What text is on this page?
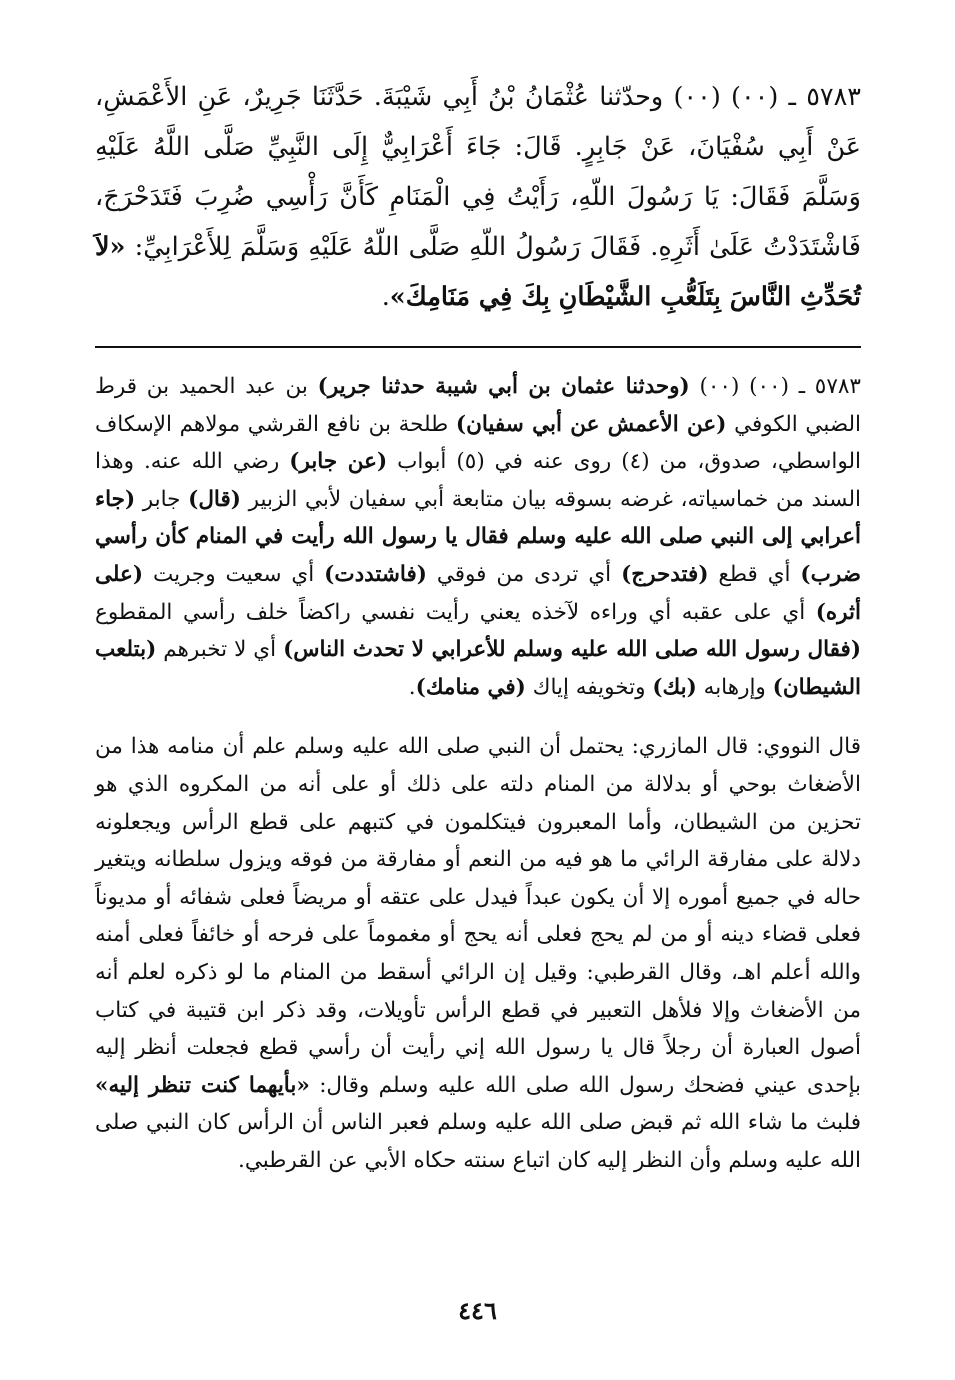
٥٧٨٣ ـ (٠٠) (٠٠) وحدّثنا عُثْمَانُ بْنُ أَبِي شَيْبَةَ. حَدَّثَنَا جَرِيرٌ، عَنِ الأَعْمَشِ، عَنْ أَبِي سُفْيَانَ، عَنْ جَابِرٍ. قَالَ: جَاءَ أَعْرَابِيٌّ إِلَى النَّبِيِّ صَلَّى اللَّهُ عَلَيْهِ وَسَلَّمَ فَقَالَ: يَا رَسُولَ اللّهِ، رَأَيْتُ فِي الْمَنَامِ كَأَنَّ رَأْسِي ضُرِبَ فَتَدَحْرَجَ، فَاشْتَدَدْتُ عَلَىٰ أَثَرِهِ. فَقَالَ رَسُولُ اللّهِ صَلَّى اللّهُ عَلَيْهِ وَسَلَّمَ لِلأَعْرَابِيِّ: «لاَ تُحَدِّثِ النَّاسَ بِتَلَعُّبِ الشَّيْطَانِ بِكَ فِي مَنَامِكَ».

٥٧٨٣ ـ (٠٠) (٠٠) (وحدثنا عثمان بن أبي شيبة حدثنا جرير) بن عبد الحميد بن قرط الضبي الكوفي (عن الأعمش عن أبي سفيان) طلحة بن نافع القرشي مولاهم الإسكاف الواسطي، صدوق، من (٤) روى عنه في (٥) أبواب (عن جابر) رضي الله عنه. وهذا السند من خماسياته، غرضه بسوقه بيان متابعة أبي سفيان لأبي الزبير (قال) جابر (جاء أعرابي إلى النبي صلى الله عليه وسلم فقال يا رسول الله رأيت في المنام كأن رأسي ضرب) أي قطع (فتدحرج) أي تردى من فوقي (فاشتددت) أي سعيت وجريت (على أثره) أي على عقبه أي وراءه لآخذه يعني رأيت نفسي راكضاً خلف رأسي المقطوع (فقال رسول الله صلى الله عليه وسلم للأعرابي لا تحدث الناس) أي لا تخبرهم (بتلعب الشيطان) وإرهابه (بك) وتخويفه إياك (في منامك).

قال النووي: قال المازري: يحتمل أن النبي صلى الله عليه وسلم علم أن منامه هذا من الأضغاث بوحي أو بدلالة من المنام دلته على ذلك أو على أنه من المكروه الذي هو تحزين من الشيطان، وأما المعبرون فيتكلمون في كتبهم على قطع الرأس ويجعلونه دلالة على مفارقة الرائي ما هو فيه من النعم أو مفارقة من فوقه ويزول سلطانه ويتغير حاله في جميع أموره إلا أن يكون عبداً فيدل على عتقه أو مريضاً فعلى شفائه أو مديوناً فعلى قضاء دينه أو من لم يحج فعلى أنه يحج أو مغموماً على فرحه أو خائفاً فعلى أمنه والله أعلم اهـ، وقال القرطبي: وقيل إن الرائي أسقط من المنام ما لو ذكره لعلم أنه من الأضغاث وإلا فلأهل التعبير في قطع الرأس تأويلات، وقد ذكر ابن قتيبة في كتاب أصول العبارة أن رجلاً قال يا رسول الله إني رأيت أن رأسي قطع فجعلت أنظر إليه بإحدى عيني فضحك رسول الله صلى الله عليه وسلم وقال: «بأيهما كنت تنظر إليه» فلبث ما شاء الله ثم قبض صلى الله عليه وسلم فعبر الناس أن الرأس كان النبي صلى الله عليه وسلم وأن النظر إليه كان اتباع سنته حكاه الأبي عن القرطبي.

٤٤٦
